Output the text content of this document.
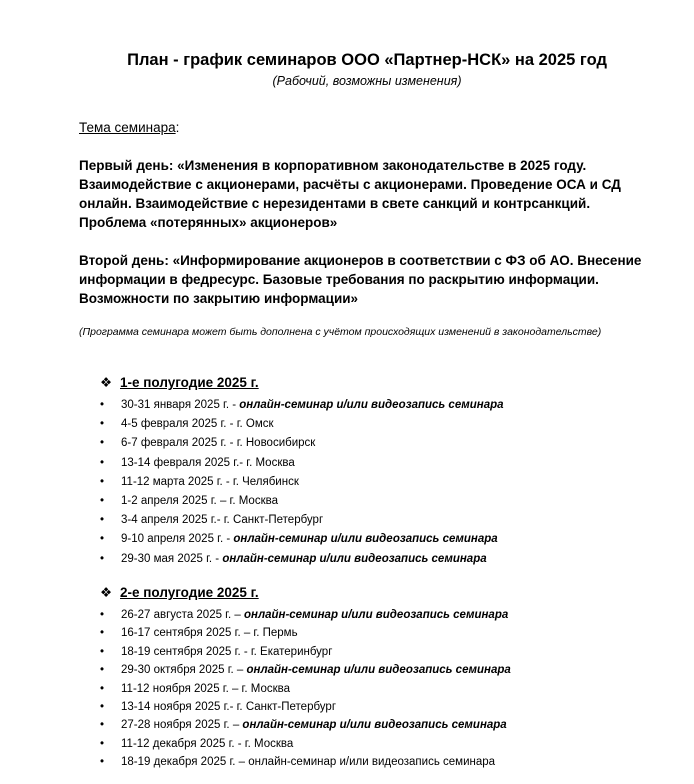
План - график семинаров ООО «Партнер-НСК» на 2025 год
(Рабочий, возможны изменения)
Тема семинара:
Первый день: «Изменения в корпоративном законодательстве в 2025 году. Взаимодействие с акционерами, расчёты с акционерами. Проведение ОСА и СД онлайн. Взаимодействие с нерезидентами в свете санкций и контрсанкций. Проблема «потерянных» акционеров»
Второй день: «Информирование акционеров в соответствии с ФЗ об АО. Внесение информации в федресурс. Базовые требования по раскрытию информации. Возможности по закрытию информации»
(Программа семинара может быть дополнена с учётом происходящих изменений в законодательстве)
❖ 1-е полугодие 2025 г.
• 30-31 января 2025 г. - онлайн-семинар и/или видеозапись семинара
• 4-5 февраля 2025 г. - г. Омск
• 6-7 февраля 2025 г. - г. Новосибирск
• 13-14 февраля 2025 г.- г. Москва
• 11-12 марта 2025 г. - г. Челябинск
• 1-2 апреля 2025 г. – г. Москва
• 3-4 апреля 2025 г.- г. Санкт-Петербург
• 9-10 апреля 2025 г. - онлайн-семинар и/или видеозапись семинара
• 29-30 мая 2025 г. - онлайн-семинар и/или видеозапись семинара
❖ 2-е полугодие 2025 г.
• 26-27 августа 2025 г. – онлайн-семинар и/или видеозапись семинара
• 16-17 сентября 2025 г. – г. Пермь
• 18-19 сентября 2025 г. - г. Екатеринбург
• 29-30 октября 2025 г. – онлайн-семинар и/или видеозапись семинара
• 11-12 ноября 2025 г. – г. Москва
• 13-14 ноября 2025 г.- г. Санкт-Петербург
• 27-28 ноября 2025 г. – онлайн-семинар и/или видеозапись семинара
• 11-12 декабря 2025 г. - г. Москва
• 18-19 декабря 2025 г. – онлайн-семинар и/или видеозапись семинара
